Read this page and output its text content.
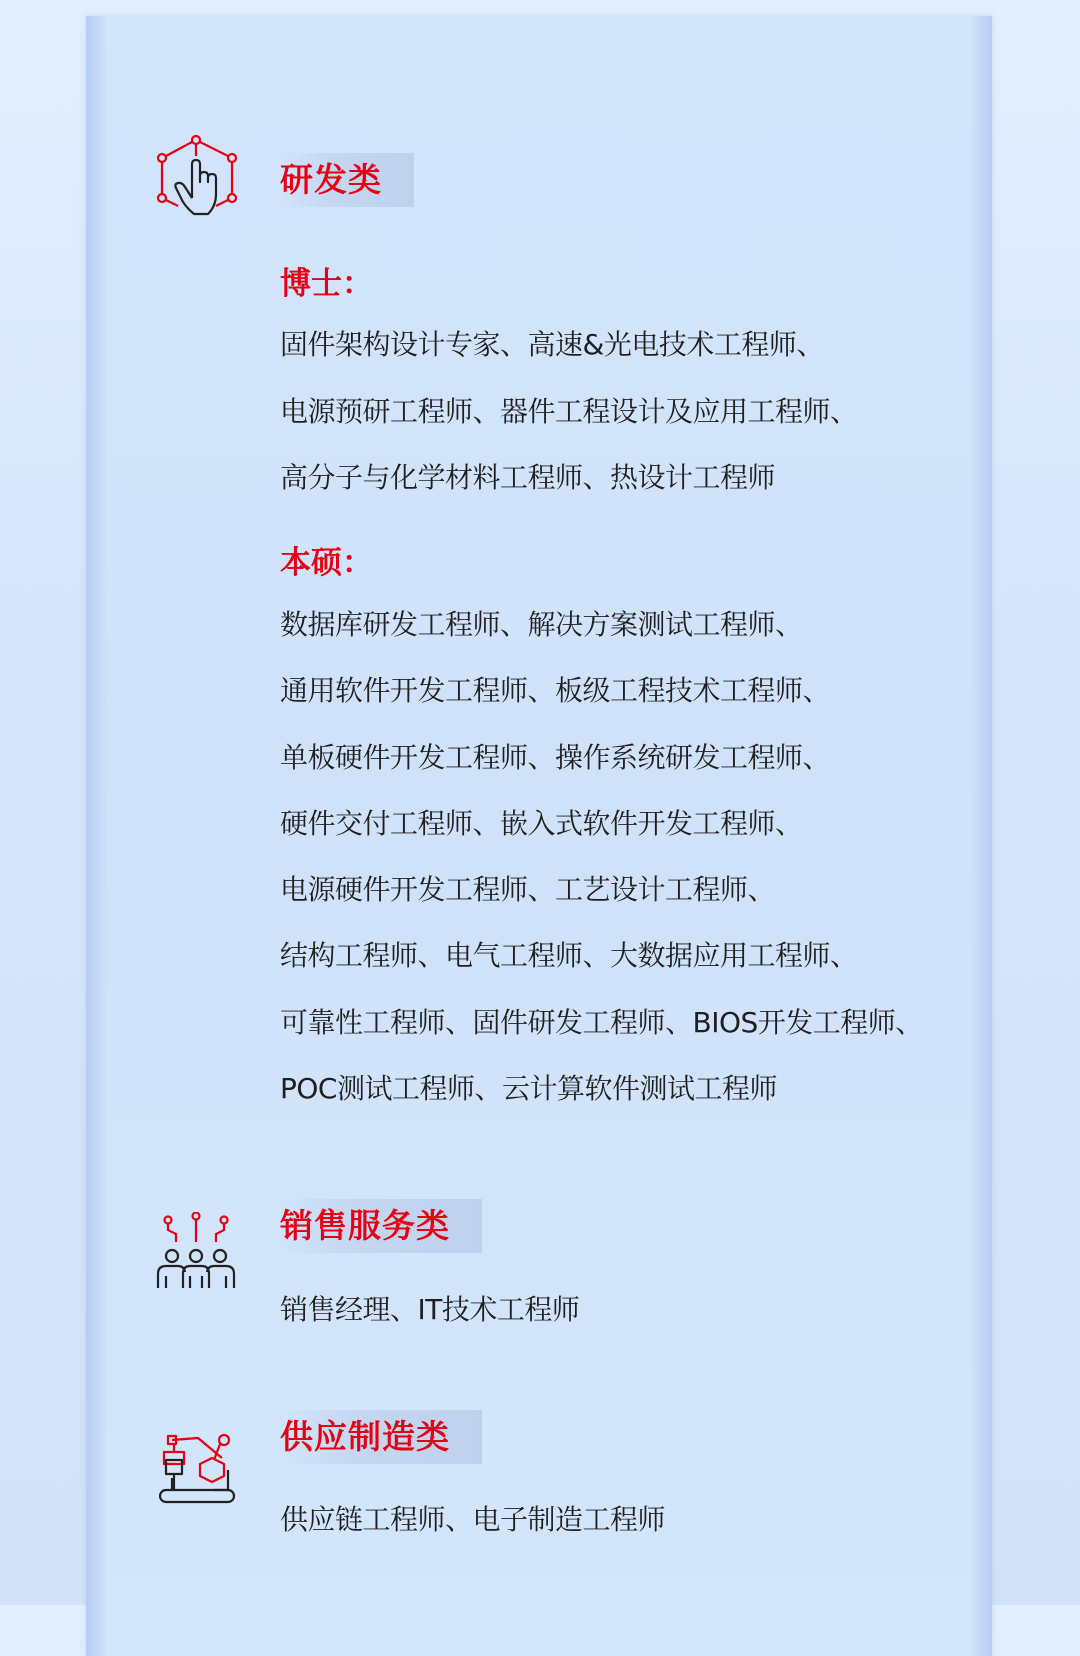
研发类
博士：
固件架构设计专家、高速&光电技术工程师、
电源预研工程师、器件工程设计及应用工程师、
高分子与化学材料工程师、热设计工程师
本硕：
数据库研发工程师、解决方案测试工程师、
通用软件开发工程师、板级工程技术工程师、
单板硬件开发工程师、操作系统研发工程师、
硬件交付工程师、嵌入式软件开发工程师、
电源硬件开发工程师、工艺设计工程师、
结构工程师、电气工程师、大数据应用工程师、
可靠性工程师、固件研发工程师、BIOS开发工程师、
POC测试工程师、云计算软件测试工程师
销售服务类
销售经理、IT技术工程师
供应制造类
供应链工程师、电子制造工程师
